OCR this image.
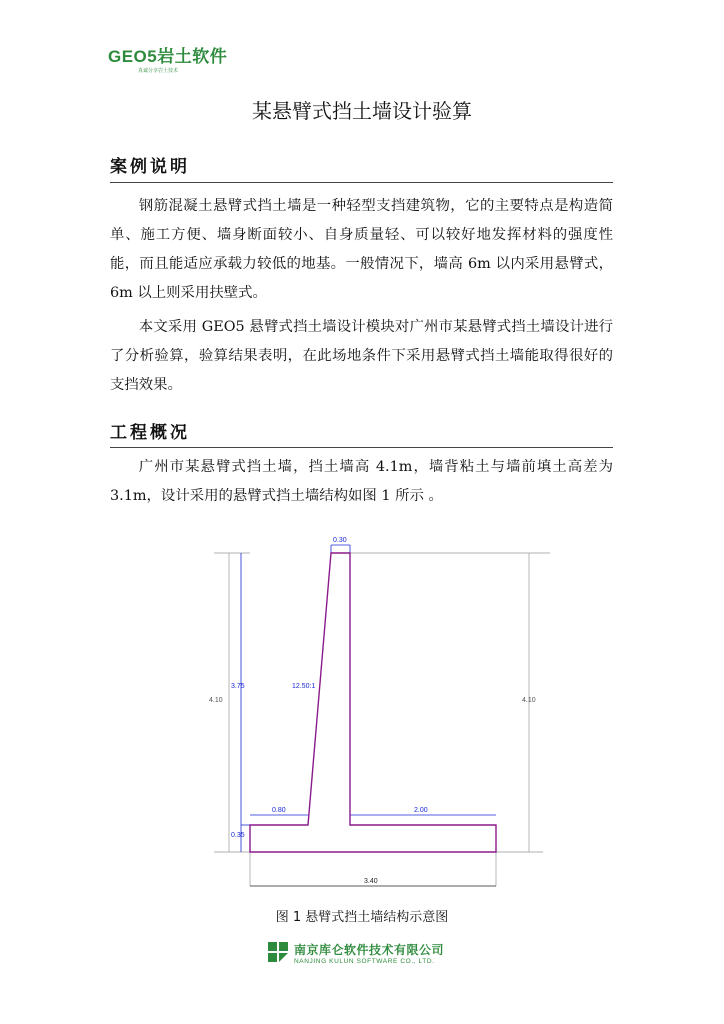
GEO5岩土软件
真诚分享岩土技术
某悬臂式挡土墙设计验算
案例说明
钢筋混凝土悬臂式挡土墙是一种轻型支挡建筑物，它的主要特点是构造简单、施工方便、墙身断面较小、自身质量轻、可以较好地发挥材料的强度性能，而且能适应承载力较低的地基。一般情况下，墙高 6m 以内采用悬臂式，6m 以上则采用扶壁式。
本文采用 GEO5 悬臂式挡土墙设计模块对广州市某悬臂式挡土墙设计进行了分析验算，验算结果表明，在此场地条件下采用悬臂式挡土墙能取得很好的支挡效果。
工程概况
广州市某悬臂式挡土墙，挡土墙高 4.1m，墙背粘土与墙前填土高差为 3.1m，设计采用的悬臂式挡土墙结构如图 1 所示 。
0.30
4.10
3.75	12.50:1
4.10
0.80	2.00
0.35
3.40
图 1 悬臂式挡土墙结构示意图
南京库仑软件技术有限公司
NANJING KULUN SOFTWARE CO., LTD.
